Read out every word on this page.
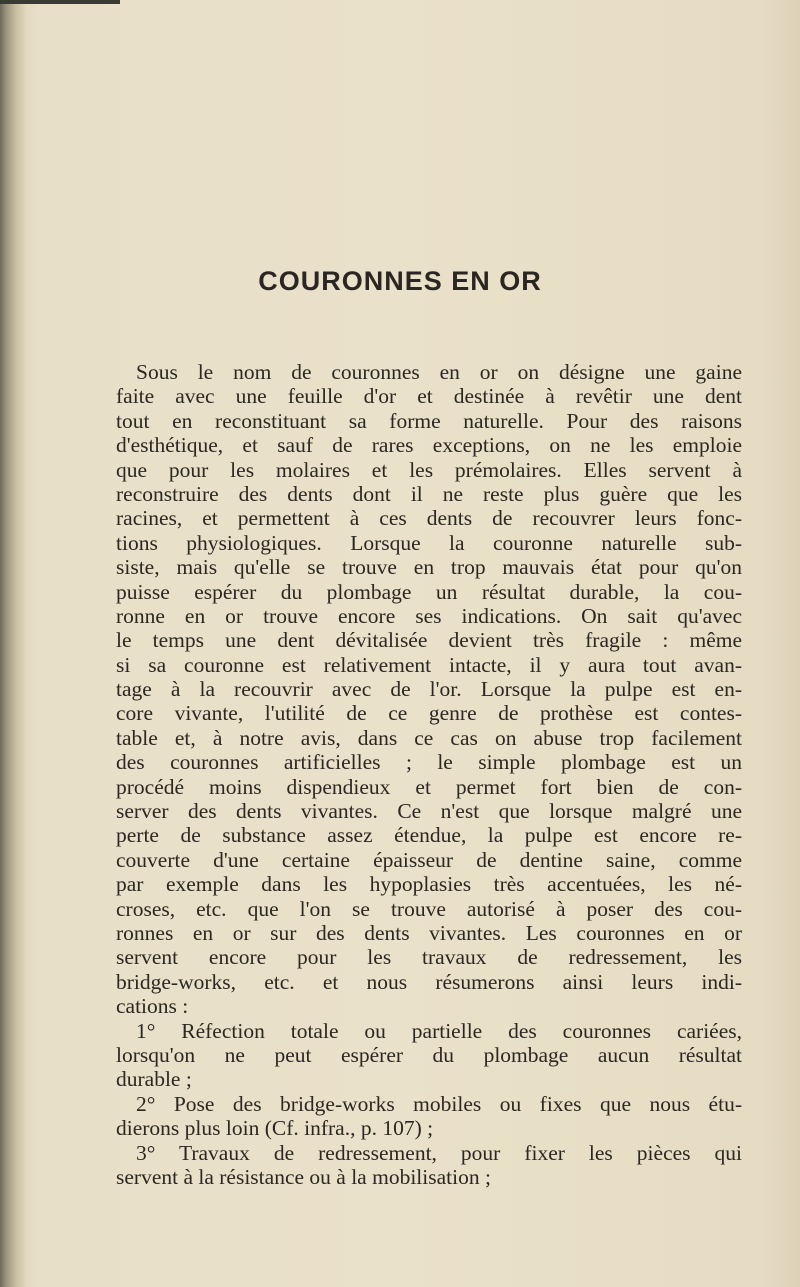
COURONNES EN OR
Sous le nom de couronnes en or on désigne une gaine
faite avec une feuille d'or et destinée à revêtir une dent
tout en reconstituant sa forme naturelle. Pour des raisons
d'esthétique, et sauf de rares exceptions, on ne les emploie
que pour les molaires et les prémolaires. Elles servent à
reconstruire des dents dont il ne reste plus guère que les
racines, et permettent à ces dents de recouvrer leurs fonc-
tions physiologiques. Lorsque la couronne naturelle sub-
siste, mais qu'elle se trouve en trop mauvais état pour qu'on
puisse espérer du plombage un résultat durable, la cou-
ronne en or trouve encore ses indications. On sait qu'avec
le temps une dent dévitalisée devient très fragile : même
si sa couronne est relativement intacte, il y aura tout avan-
tage à la recouvrir avec de l'or. Lorsque la pulpe est en-
core vivante, l'utilité de ce genre de prothèse est contes-
table et, à notre avis, dans ce cas on abuse trop facilement
des couronnes artificielles ; le simple plombage est un
procédé moins dispendieux et permet fort bien de con-
server des dents vivantes. Ce n'est que lorsque malgré une
perte de substance assez étendue, la pulpe est encore re-
couverte d'une certaine épaisseur de dentine saine, comme
par exemple dans les hypoplasies très accentuées, les né-
croses, etc. que l'on se trouve autorisé à poser des cou-
ronnes en or sur des dents vivantes. Les couronnes en or
servent encore pour les travaux de redressement, les
bridge-works, etc. et nous résumerons ainsi leurs indi-
cations :
1° Réfection totale ou partielle des couronnes cariées,
lorsqu'on ne peut espérer du plombage aucun résultat
durable ;
2° Pose des bridge-works mobiles ou fixes que nous étu-
dierons plus loin (Cf. infra., p. 107) ;
3° Travaux de redressement, pour fixer les pièces qui
servent à la résistance ou à la mobilisation ;
